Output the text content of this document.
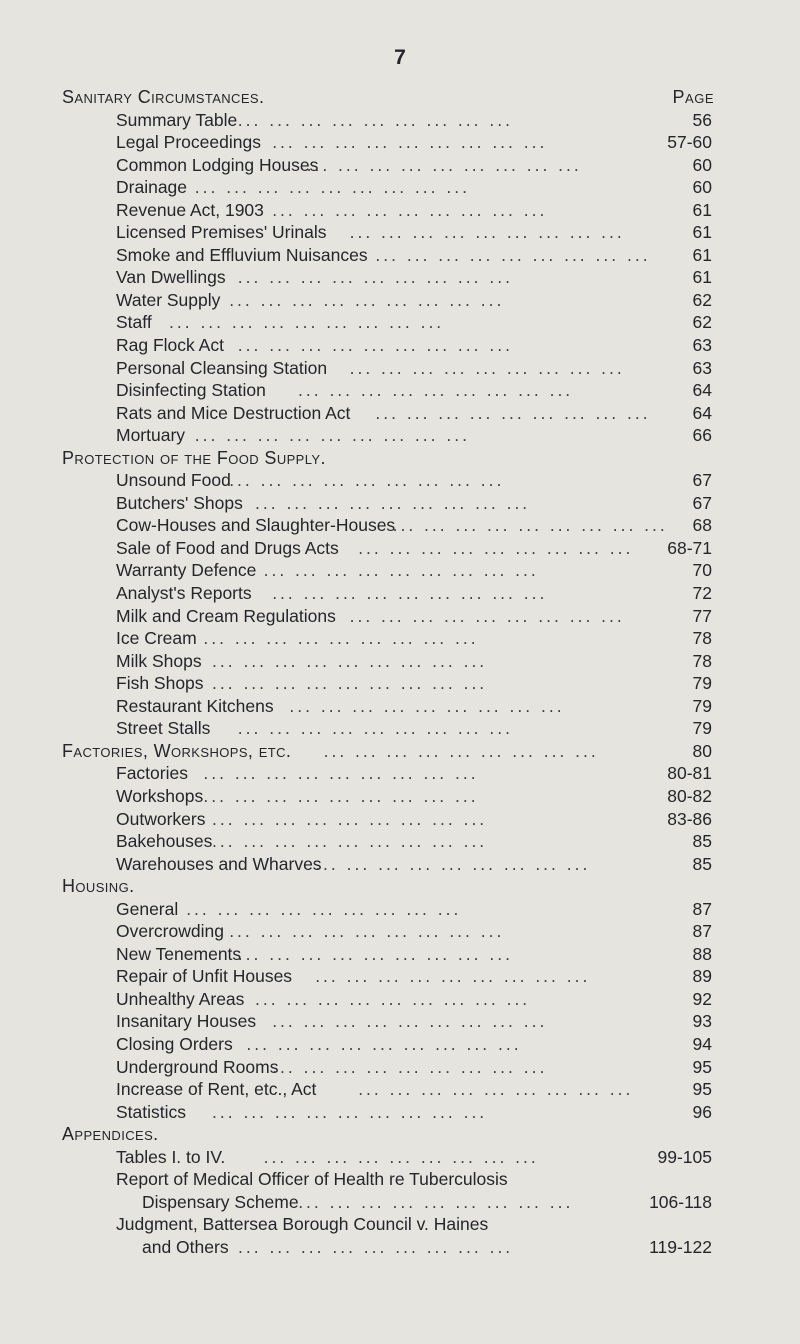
7
Sanitary Circumstances.	Page
Summary Table	56
... ... ... ... ... ... ... ... ...
Legal Proceedings	57-60
... ... ... ... ... ... ... ... ...
Common Lodging Houses	60
... ... ... ... ... ... ... ... ...
Drainage	60
... ... ... ... ... ... ... ... ...
Revenue Act, 1903	61
... ... ... ... ... ... ... ... ...
Licensed Premises' Urinals	61
... ... ... ... ... ... ... ... ...
Smoke and Effluvium Nuisances	61
... ... ... ... ... ... ... ... ...
Van Dwellings	61
... ... ... ... ... ... ... ... ...
Water Supply	62
... ... ... ... ... ... ... ... ...
Staff	62
... ... ... ... ... ... ... ... ...
Rag Flock Act	63
... ... ... ... ... ... ... ... ...
Personal Cleansing Station	63
... ... ... ... ... ... ... ... ...
Disinfecting Station	64
... ... ... ... ... ... ... ... ...
Rats and Mice Destruction Act	64
... ... ... ... ... ... ... ... ...
Mortuary	66
... ... ... ... ... ... ... ... ...
Protection of the Food Supply.
Unsound Food	67
... ... ... ... ... ... ... ... ...
Butchers' Shops	67
... ... ... ... ... ... ... ... ...
Cow-Houses and Slaughter-Houses	68
... ... ... ... ... ... ... ... ...
Sale of Food and Drugs Acts	68-71
... ... ... ... ... ... ... ... ...
Warranty Defence	70
... ... ... ... ... ... ... ... ...
Analyst's Reports	72
... ... ... ... ... ... ... ... ...
Milk and Cream Regulations	77
... ... ... ... ... ... ... ... ...
Ice Cream	78
... ... ... ... ... ... ... ... ...
Milk Shops	78
... ... ... ... ... ... ... ... ...
Fish Shops	79
... ... ... ... ... ... ... ... ...
Restaurant Kitchens	79
... ... ... ... ... ... ... ... ...
Street Stalls	79
... ... ... ... ... ... ... ... ...
Factories, Workshops, etc.	80
... ... ... ... ... ... ... ... ...
Factories	80-81
... ... ... ... ... ... ... ... ...
Workshops	80-82
... ... ... ... ... ... ... ... ...
Outworkers	83-86
... ... ... ... ... ... ... ... ...
Bakehouses	85
... ... ... ... ... ... ... ... ...
Warehouses and Wharves	85
... ... ... ... ... ... ... ... ...
Housing.
General	87
... ... ... ... ... ... ... ... ...
Overcrowding	87
... ... ... ... ... ... ... ... ...
New Tenements	88
... ... ... ... ... ... ... ... ...
Repair of Unfit Houses	89
... ... ... ... ... ... ... ... ...
Unhealthy Areas	92
... ... ... ... ... ... ... ... ...
Insanitary Houses	93
... ... ... ... ... ... ... ... ...
Closing Orders	94
... ... ... ... ... ... ... ... ...
Underground Rooms	95
... ... ... ... ... ... ... ... ...
Increase of Rent, etc., Act	95
... ... ... ... ... ... ... ... ...
Statistics	96
... ... ... ... ... ... ... ... ...
Appendices.
Tables I. to IV.	99-105
... ... ... ... ... ... ... ... ...
Report of Medical Officer of Health re Tuberculosis
Dispensary Scheme	106-118
... ... ... ... ... ... ... ... ...
Judgment, Battersea Borough Council v. Haines
and Others	119-122
... ... ... ... ... ... ... ... ...
